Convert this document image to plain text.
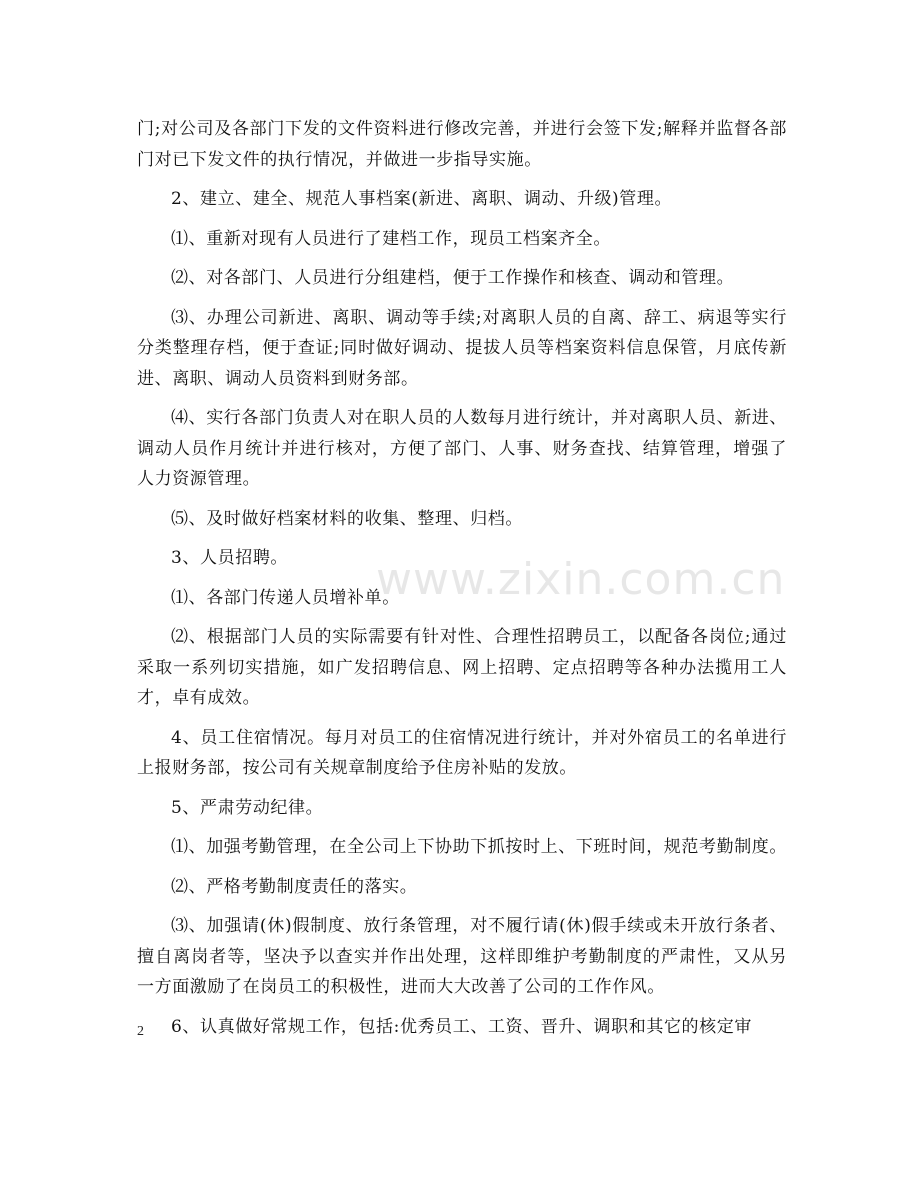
门;对公司及各部门下发的文件资料进行修改完善，并进行会签下发;解释并监督各部门对已下发文件的执行情况，并做进一步指导实施。

2、建立、建全、规范人事档案(新进、离职、调动、升级)管理。

⑴、重新对现有人员进行了建档工作，现员工档案齐全。

⑵、对各部门、人员进行分组建档，便于工作操作和核查、调动和管理。

⑶、办理公司新进、离职、调动等手续;对离职人员的自离、辞工、病退等实行分类整理存档，便于查证;同时做好调动、提拔人员等档案资料信息保管，月底传新进、离职、调动人员资料到财务部。

⑷、实行各部门负责人对在职人员的人数每月进行统计，并对离职人员、新进、调动人员作月统计并进行核对，方便了部门、人事、财务查找、结算管理，增强了人力资源管理。

⑸、及时做好档案材料的收集、整理、归档。

3、人员招聘。

⑴、各部门传递人员增补单。

⑵、根据部门人员的实际需要有针对性、合理性招聘员工，以配备各岗位;通过采取一系列切实措施，如广发招聘信息、网上招聘、定点招聘等各种办法揽用工人才，卓有成效。

4、员工住宿情况。每月对员工的住宿情况进行统计，并对外宿员工的名单进行上报财务部，按公司有关规章制度给予住房补贴的发放。

5、严肃劳动纪律。

⑴、加强考勤管理，在全公司上下协助下抓按时上、下班时间，规范考勤制度。

⑵、严格考勤制度责任的落实。

⑶、加强请(休)假制度、放行条管理，对不履行请(休)假手续或未开放行条者、擅自离岗者等，坚决予以查实并作出处理，这样即维护考勤制度的严肃性，又从另一方面激励了在岗员工的积极性，进而大大改善了公司的工作作风。

6、认真做好常规工作，包括:优秀员工、工资、晋升、调职和其它的核定审

www.zixin.com.cn
2
